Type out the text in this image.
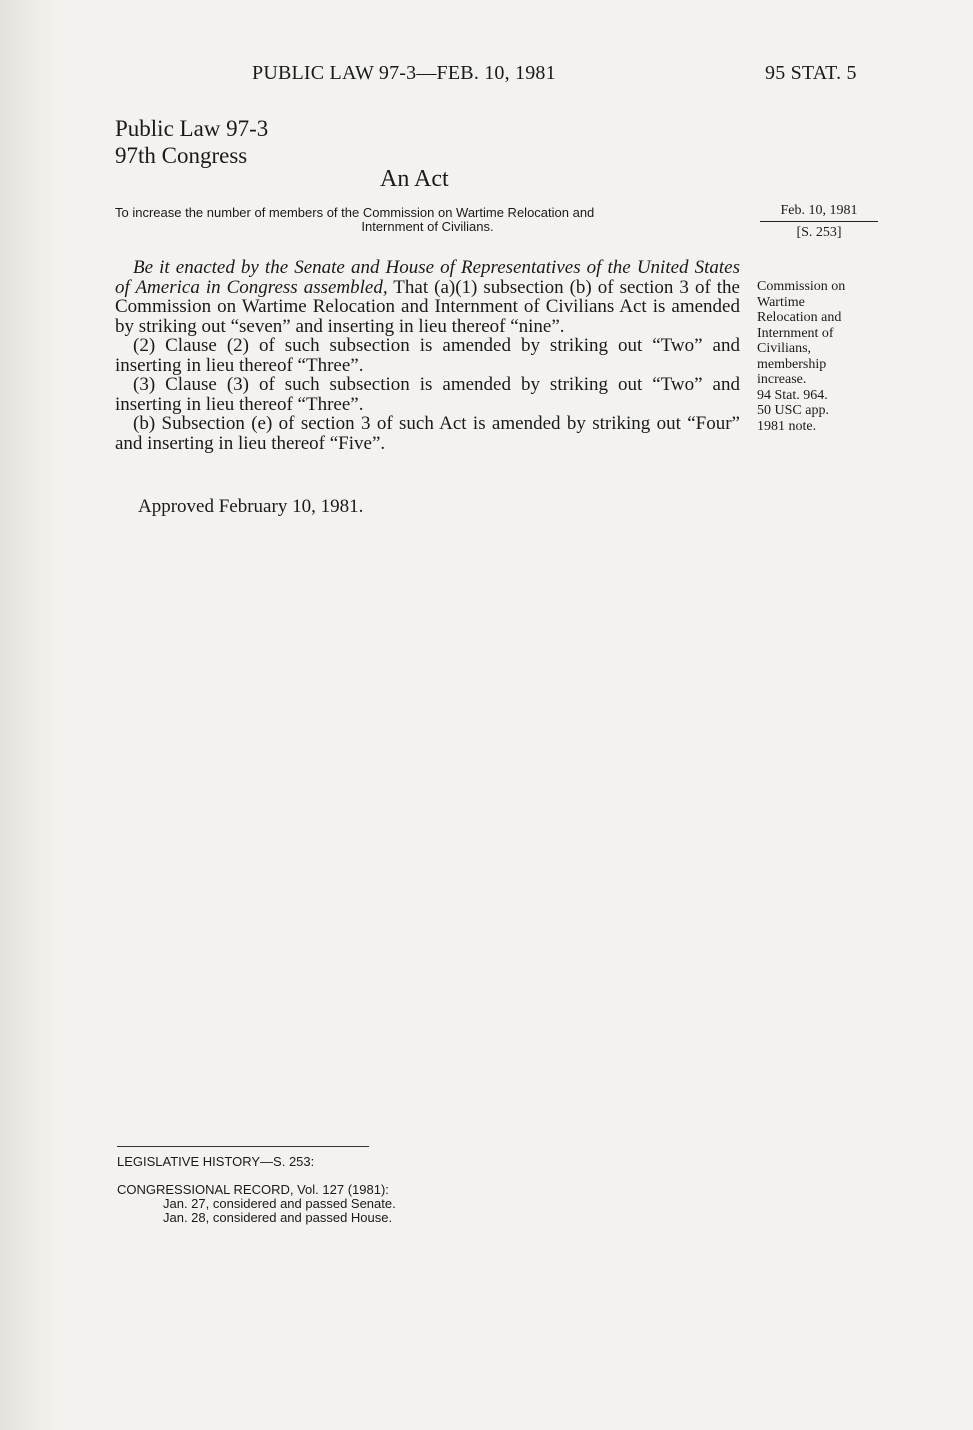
PUBLIC LAW 97-3—FEB. 10, 1981	95 STAT. 5
Public Law 97-3
97th Congress
An Act
To increase the number of members of the Commission on Wartime Relocation and
Internment of Civilians.
Feb. 10, 1981
[S. 253]

Be it enacted by the Senate and House of Representatives of the United States of America in Congress assembled, That (a)(1) subsection (b) of section 3 of the Commission on Wartime Relocation and Internment of Civilians Act is amended by striking out “seven” and inserting in lieu thereof “nine”.

(2) Clause (2) of such subsection is amended by striking out “Two” and inserting in lieu thereof “Three”.

(3) Clause (3) of such subsection is amended by striking out “Two” and inserting in lieu thereof “Three”.

(b) Subsection (e) of section 3 of such Act is amended by striking out “Four” and inserting in lieu thereof “Five”.

Commission on
Wartime
Relocation and
Internment of
Civilians,
membership
increase.
94 Stat. 964.
50 USC app.
1981 note.
Approved February 10, 1981.
LEGISLATIVE HISTORY—S. 253:
CONGRESSIONAL RECORD, Vol. 127 (1981):
Jan. 27, considered and passed Senate.
Jan. 28, considered and passed House.
